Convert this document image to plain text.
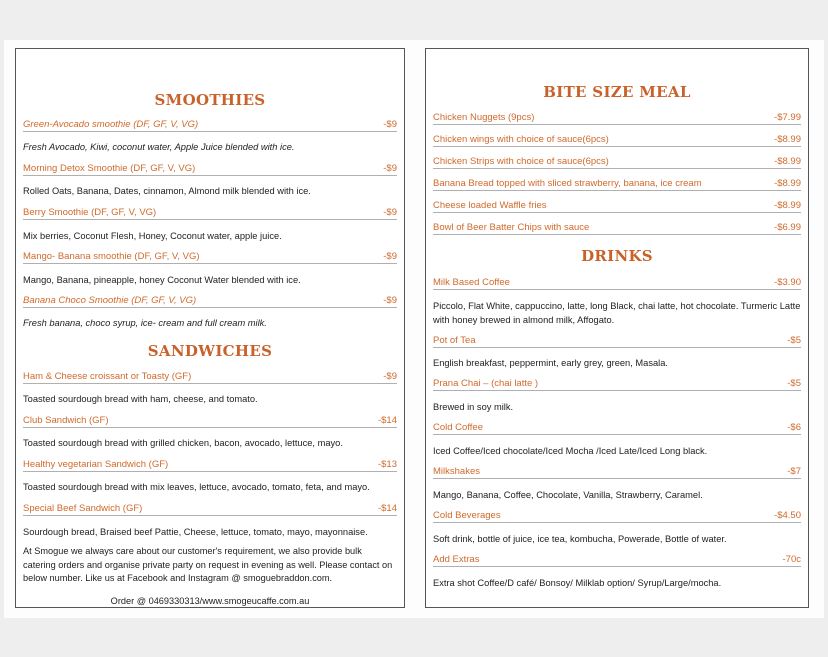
SMOOTHIES
Green-Avocado smoothie (DF, GF, V, VG)	-$9
Fresh Avocado, Kiwi, coconut water, Apple Juice blended with ice.
Morning Detox Smoothie (DF, GF, V, VG)	-$9
Rolled Oats, Banana, Dates, cinnamon, Almond milk blended with ice.
Berry Smoothie (DF, GF, V, VG)	-$9
Mix berries, Coconut Flesh, Honey, Coconut water, apple juice.
Mango- Banana smoothie (DF, GF, V, VG)	-$9
Mango, Banana, pineapple, honey Coconut Water blended with ice.
Banana Choco Smoothie (DF, GF, V, VG)	-$9
Fresh banana, choco syrup, ice- cream and full cream milk.
SANDWICHES
Ham & Cheese croissant or Toasty (GF)	-$9
Toasted sourdough bread with ham, cheese, and tomato.
Club Sandwich (GF)	-$14
Toasted sourdough bread with grilled chicken, bacon, avocado, lettuce, mayo.
Healthy vegetarian Sandwich (GF)	-$13
Toasted sourdough bread with mix leaves, lettuce, avocado, tomato, feta, and mayo.
Special Beef Sandwich (GF)	-$14
Sourdough bread, Braised beef Pattie, Cheese, lettuce, tomato, mayo, mayonnaise.
At Smogue we always care about our customer's requirement, we also provide bulk catering orders and organise private party on request in evening as well. Please contact on below number. Like us at Facebook and Instagram @ smoguebraddon.com.
Order @ 0469330313/www.smogeucaffe.com.au
BITE SIZE MEAL
Chicken Nuggets (9pcs)	-$7.99
Chicken wings with choice of sauce(6pcs)	-$8.99
Chicken Strips with choice of sauce(6pcs)	-$8.99
Banana Bread topped with sliced strawberry, banana, ice cream	-$8.99
Cheese loaded Waffle fries	-$8.99
Bowl of Beer Batter Chips with sauce	-$6.99
DRINKS
Milk Based Coffee	-$3.90
Piccolo, Flat White, cappuccino, latte, long Black, chai latte, hot chocolate. Turmeric Latte with honey brewed in almond milk, Affogato.
Pot of Tea	-$5
English breakfast, peppermint, early grey, green, Masala.
Prana Chai – (chai latte )	-$5
Brewed in soy milk.
Cold Coffee	-$6
Iced Coffee/Iced chocolate/Iced Mocha /Iced Late/Iced Long black.
Milkshakes	-$7
Mango, Banana, Coffee, Chocolate, Vanilla, Strawberry, Caramel.
Cold Beverages	-$4.50
Soft drink, bottle of juice, ice tea, kombucha, Powerade, Bottle of water.
Add Extras	-70c
Extra shot Coffee/D café/ Bonsoy/ Milklab option/ Syrup/Large/mocha.
